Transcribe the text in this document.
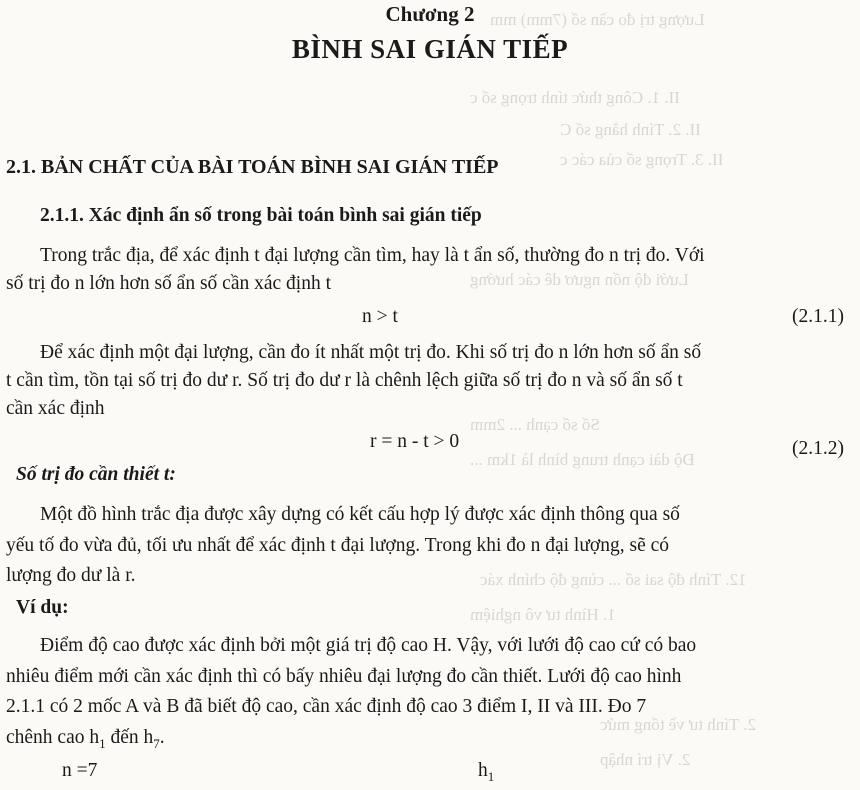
Lượng trị đo cần số (7mm) mm
II. 1. Công thức tính trọng số c
II. 2. Tính hằng số C
II. 3. Trọng số của các c
Lưới độ nốn ngươ dê các hướng
Số số cạnh ... 2mm
Độ dài cạnh trung bình là 1km ...
12. Tính độ sai số ... cùng độ chính xác
1. Hình tư vô nghiệm
2. Tính tư về tổng mức
2. Vị trí nhập
Chương 2
BÌNH SAI GIÁN TIẾP
2.1. BẢN CHẤT CỦA BÀI TOÁN BÌNH SAI GIÁN TIẾP
2.1.1. Xác định ẩn số trong bài toán bình sai gián tiếp
Trong trắc địa, để xác định t đại lượng cần tìm, hay là t ẩn số, thường đo n trị đo. Với
số trị đo n lớn hơn số ẩn số cần xác định t
n > t	(2.1.1)
Để xác định một đại lượng, cần đo ít nhất một trị đo. Khi số trị đo n lớn hơn số ẩn số
t cần tìm, tồn tại số trị đo dư r. Số trị đo dư r là chênh lệch giữa số trị đo n và số ẩn số t
cần xác định
r = n - t > 0	(2.1.2)
Số trị đo cần thiết t:
Một đồ hình trắc địa được xây dựng có kết cấu hợp lý được xác định thông qua số
yếu tố đo vừa đủ, tối ưu nhất để xác định t đại lượng. Trong khi đo n đại lượng, sẽ có
lượng đo dư là r.
Ví dụ:
Điểm độ cao được xác định bởi một giá trị độ cao H. Vậy, với lưới độ cao cứ có bao
nhiêu điểm mới cần xác định thì có bấy nhiêu đại lượng đo cần thiết. Lưới độ cao hình
2.1.1 có 2 mốc A và B đã biết độ cao, cần xác định độ cao 3 điểm I, II và III. Đo 7
chênh cao $h_1$ đến $h_7$.
n =7	$h_1$
